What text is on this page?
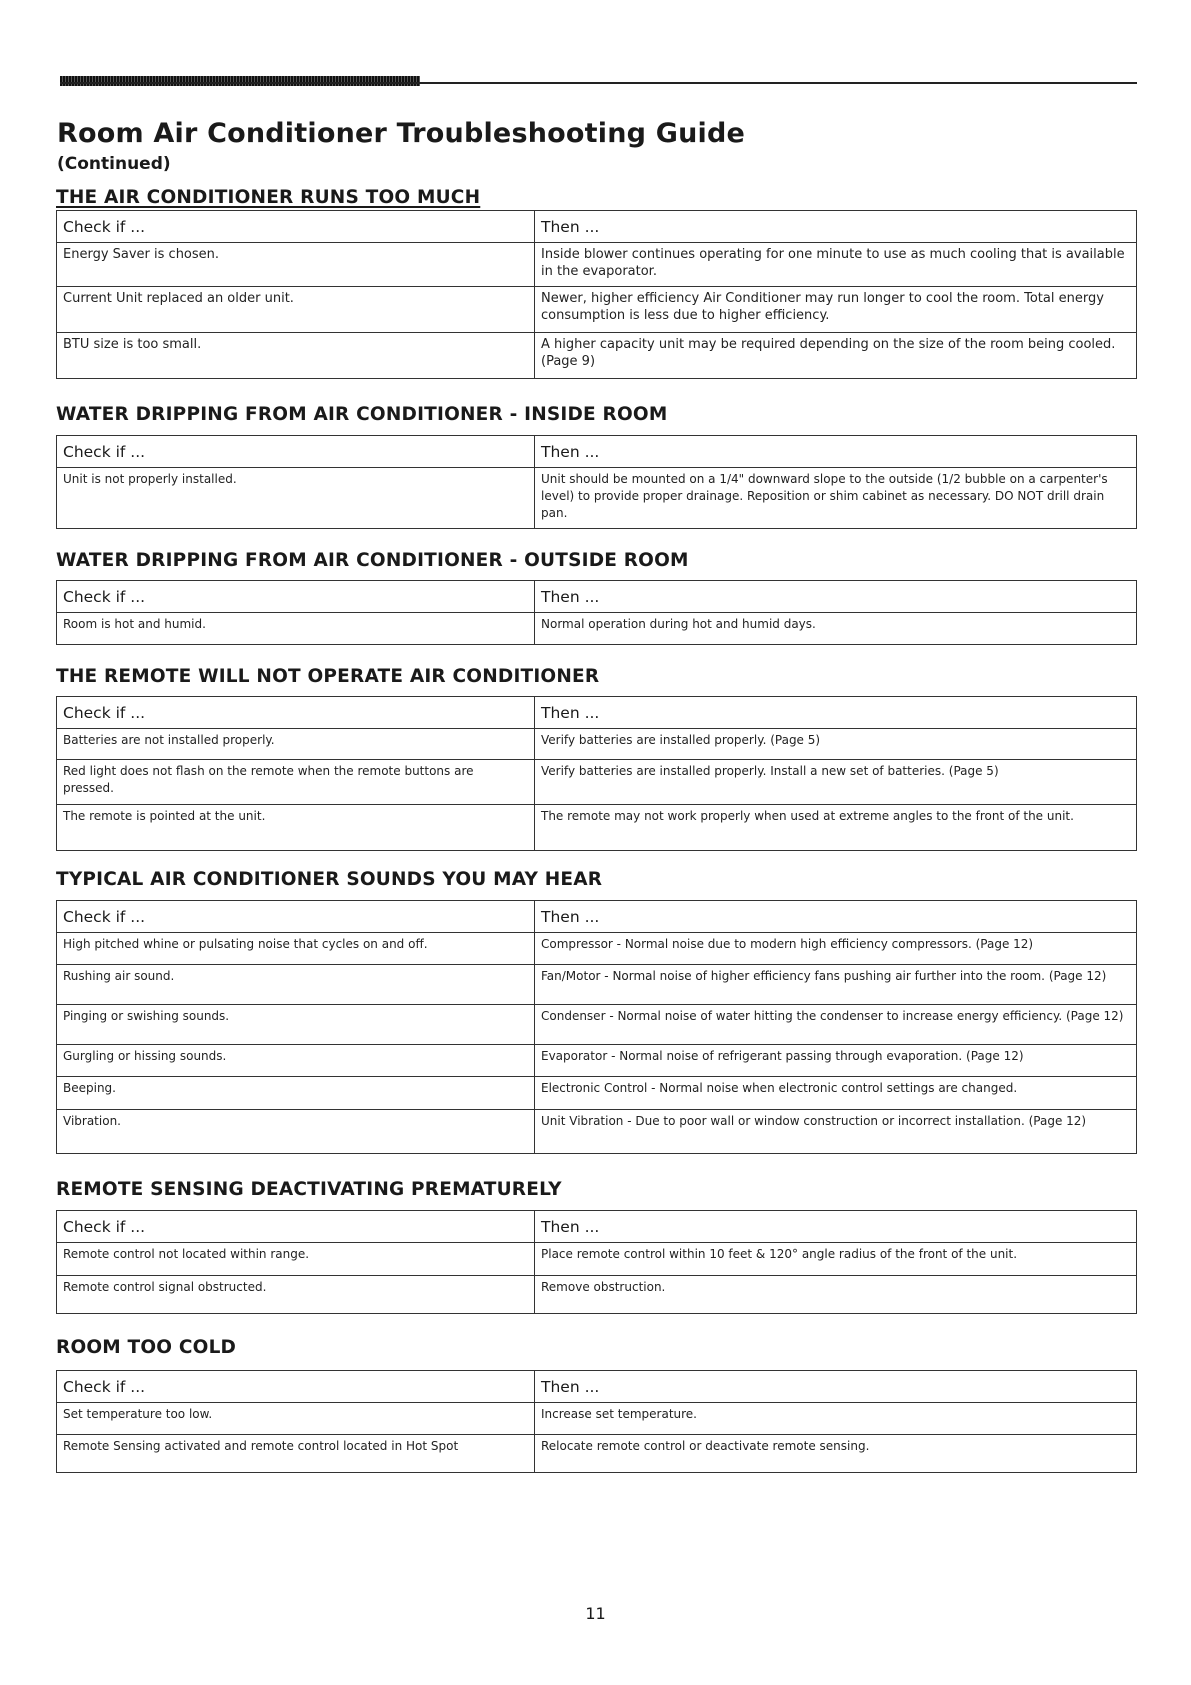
Room Air Conditioner Troubleshooting Guide
(Continued)
THE AIR CONDITIONER RUNS TOO MUCH
Check if ...	Then ...
Energy Saver is chosen.	Inside blower continues operating for one minute to use as much cooling that is available in the evaporator.
Current Unit replaced an older unit.	Newer, higher efficiency Air Conditioner may run longer to cool the room. Total energy consumption is less due to higher efficiency.
BTU size is too small.	A higher capacity unit may be required depending on the size of the room being cooled. (Page 9)
WATER DRIPPING FROM AIR CONDITIONER - INSIDE ROOM
Check if ...	Then ...
Unit is not properly installed.	Unit should be mounted on a 1/4" downward slope to the outside (1/2 bubble on a carpenter's level) to provide proper drainage. Reposition or shim cabinet as necessary. DO NOT drill drain pan.
WATER DRIPPING FROM AIR CONDITIONER - OUTSIDE ROOM
Check if ...	Then ...
Room is hot and humid.	Normal operation during hot and humid days.
THE REMOTE WILL NOT OPERATE AIR CONDITIONER
Check if ...	Then ...
Batteries are not installed properly.	Verify batteries are installed properly. (Page 5)
Red light does not flash on the remote when the remote buttons are pressed.	Verify batteries are installed properly. Install a new set of batteries. (Page 5)
The remote is pointed at the unit.	The remote may not work properly when used at extreme angles to the front of the unit.
TYPICAL AIR CONDITIONER SOUNDS YOU MAY HEAR
Check if ...	Then ...
High pitched whine or pulsating noise that cycles on and off.	Compressor - Normal noise due to modern high efficiency compressors. (Page 12)
Rushing air sound.	Fan/Motor - Normal noise of higher efficiency fans pushing air further into the room. (Page 12)
Pinging or swishing sounds.	Condenser - Normal noise of water hitting the condenser to increase energy efficiency. (Page 12)
Gurgling or hissing sounds.	Evaporator - Normal noise of refrigerant passing through evaporation. (Page 12)
Beeping.	Electronic Control - Normal noise when electronic control settings are changed.
Vibration.	Unit Vibration - Due to poor wall or window construction or incorrect installation. (Page 12)
REMOTE SENSING DEACTIVATING PREMATURELY
Check if ...	Then ...
Remote control not located within range.	Place remote control within 10 feet & 120° angle radius of the front of the unit.
Remote control signal obstructed.	Remove obstruction.
ROOM TOO COLD
Check if ...	Then ...
Set temperature too low.	Increase set temperature.
Remote Sensing activated and remote control located in Hot Spot	Relocate remote control or deactivate remote sensing.
11
